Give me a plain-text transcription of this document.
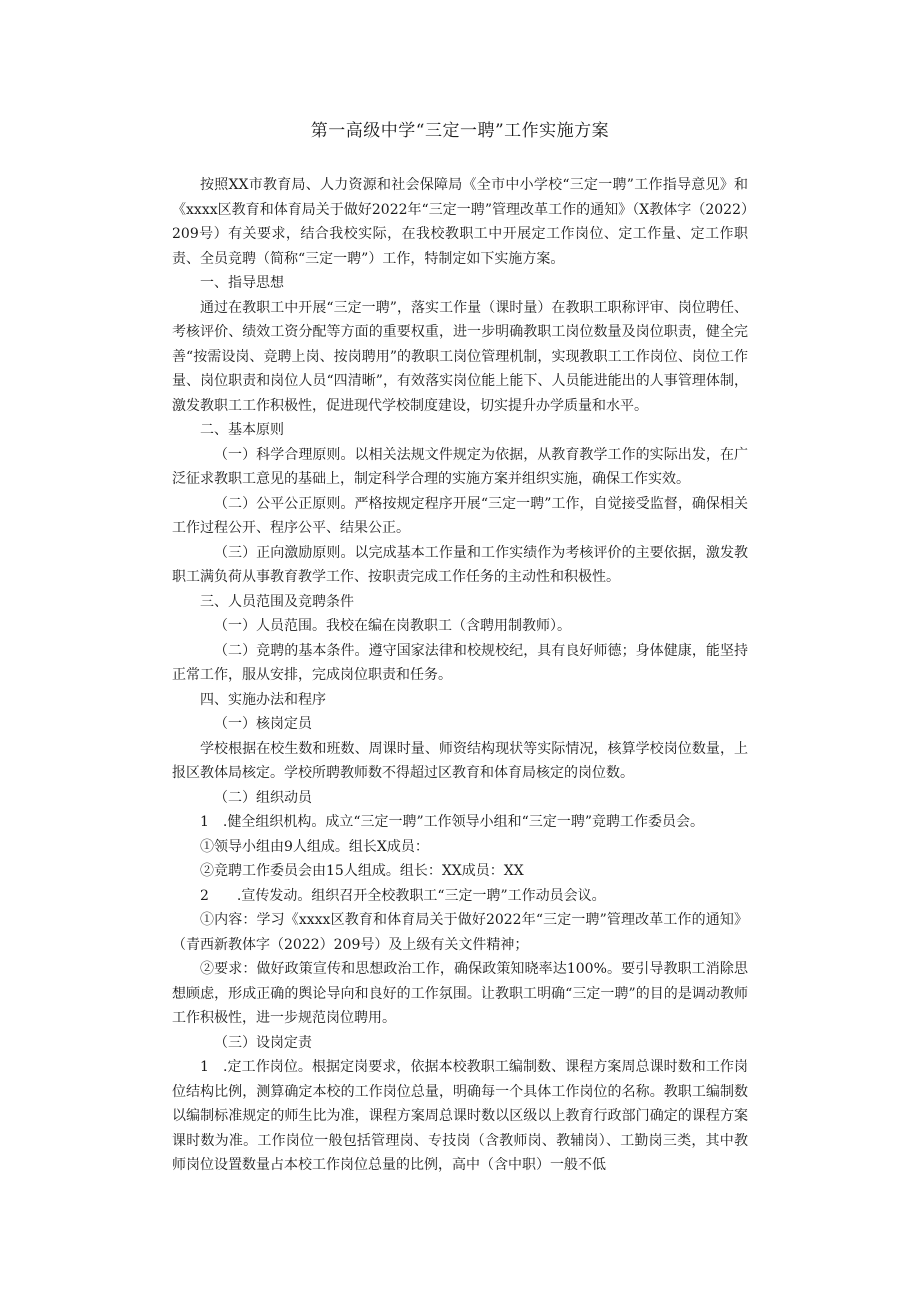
第一高级中学“三定一聘”工作实施方案

按照XX市教育局、人力资源和社会保障局《全市中小学校“三定一聘”工作指导意见》和《xxxx区教育和体育局关于做好2022年“三定一聘”管理改革工作的通知》（X教体字（2022）209号）有关要求，结合我校实际，在我校教职工中开展定工作岗位、定工作量、定工作职责、全员竞聘（简称“三定一聘”）工作，特制定如下实施方案。

一、指导思想

通过在教职工中开展“三定一聘”，落实工作量（课时量）在教职工职称评审、岗位聘任、考核评价、绩效工资分配等方面的重要权重，进一步明确教职工岗位数量及岗位职责，健全完善“按需设岗、竞聘上岗、按岗聘用”的教职工岗位管理机制，实现教职工工作岗位、岗位工作量、岗位职责和岗位人员“四清晰”，有效落实岗位能上能下、人员能进能出的人事管理体制，激发教职工工作积极性，促进现代学校制度建设，切实提升办学质量和水平。

二、基本原则

（一）科学合理原则。以相关法规文件规定为依据，从教育教学工作的实际出发，在广泛征求教职工意见的基础上，制定科学合理的实施方案并组织实施，确保工作实效。

（二）公平公正原则。严格按规定程序开展“三定一聘”工作，自觉接受监督，确保相关工作过程公开、程序公平、结果公正。

（三）正向激励原则。以完成基本工作量和工作实绩作为考核评价的主要依据，激发教职工满负荷从事教育教学工作、按职责完成工作任务的主动性和积极性。

三、人员范围及竞聘条件

（一）人员范围。我校在编在岗教职工（含聘用制教师）。

（二）竞聘的基本条件。遵守国家法律和校规校纪，具有良好师德；身体健康，能坚持正常工作，服从安排，完成岗位职责和任务。

四、实施办法和程序

（一）核岗定员

学校根据在校生数和班数、周课时量、师资结构现状等实际情况，核算学校岗位数量，上报区教体局核定。学校所聘教师数不得超过区教育和体育局核定的岗位数。

（二）组织动员

1　.健全组织机构。成立“三定一聘”工作领导小组和“三定一聘”竞聘工作委员会。

①领导小组由9人组成。组长X成员：

②竞聘工作委员会由15人组成。组长：XX成员：XX

2　　.宣传发动。组织召开全校教职工“三定一聘”工作动员会议。

①内容：学习《xxxx区教育和体育局关于做好2022年“三定一聘”管理改革工作的通知》（青西新教体字（2022）209号）及上级有关文件精神；

②要求：做好政策宣传和思想政治工作，确保政策知晓率达100%。要引导教职工消除思想顾虑，形成正确的舆论导向和良好的工作氛围。让教职工明确“三定一聘”的目的是调动教师工作积极性，进一步规范岗位聘用。

（三）设岗定责

1　.定工作岗位。根据定岗要求，依据本校教职工编制数、课程方案周总课时数和工作岗位结构比例，测算确定本校的工作岗位总量，明确每一个具体工作岗位的名称。教职工编制数以编制标准规定的师生比为准，课程方案周总课时数以区级以上教育行政部门确定的课程方案课时数为准。工作岗位一般包括管理岗、专技岗（含教师岗、教辅岗）、工勤岗三类，其中教师岗位设置数量占本校工作岗位总量的比例，高中（含中职）一般不低
